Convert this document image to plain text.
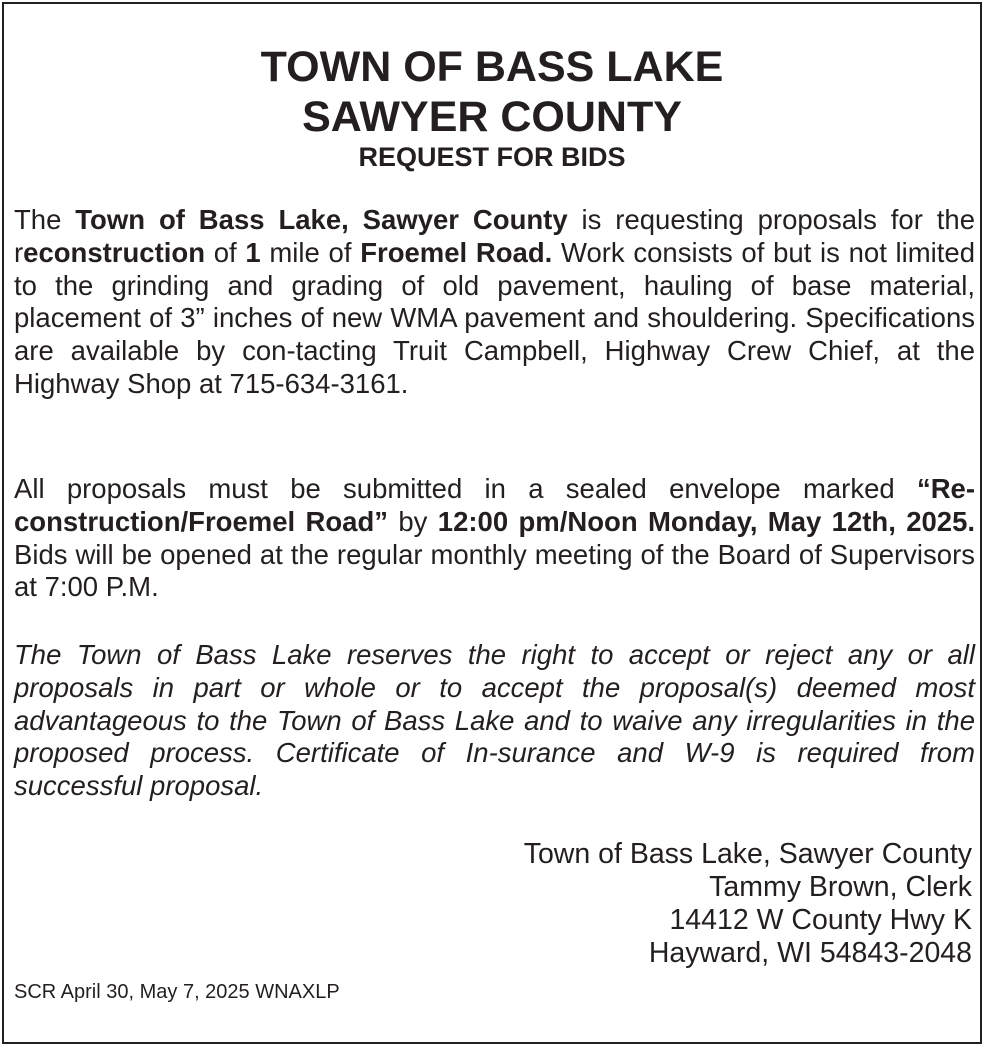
TOWN OF BASS LAKE
SAWYER COUNTY
REQUEST FOR BIDS

The Town of Bass Lake, Sawyer County is requesting proposals for the reconstruction of 1 mile of Froemel Road. Work consists of but is not limited to the grinding and grading of old pavement, hauling of base material, placement of 3” inches of new WMA pavement and shouldering. Specifications are available by con-tacting Truit Campbell, Highway Crew Chief, at the Highway Shop at 715-634-3161.

All proposals must be submitted in a sealed envelope marked “Re-construction/Froemel Road” by 12:00 pm/Noon Monday, May 12th, 2025. Bids will be opened at the regular monthly meeting of the Board of Supervisors at 7:00 P.M.

The Town of Bass Lake reserves the right to accept or reject any or all proposals in part or whole or to accept the proposal(s) deemed most advantageous to the Town of Bass Lake and to waive any irregularities in the proposed process. Certificate of In-surance and W-9 is required from successful proposal.

Town of Bass Lake, Sawyer County
Tammy Brown, Clerk
14412 W County Hwy K
Hayward, WI 54843-2048
SCR April 30, May 7, 2025 WNAXLP
